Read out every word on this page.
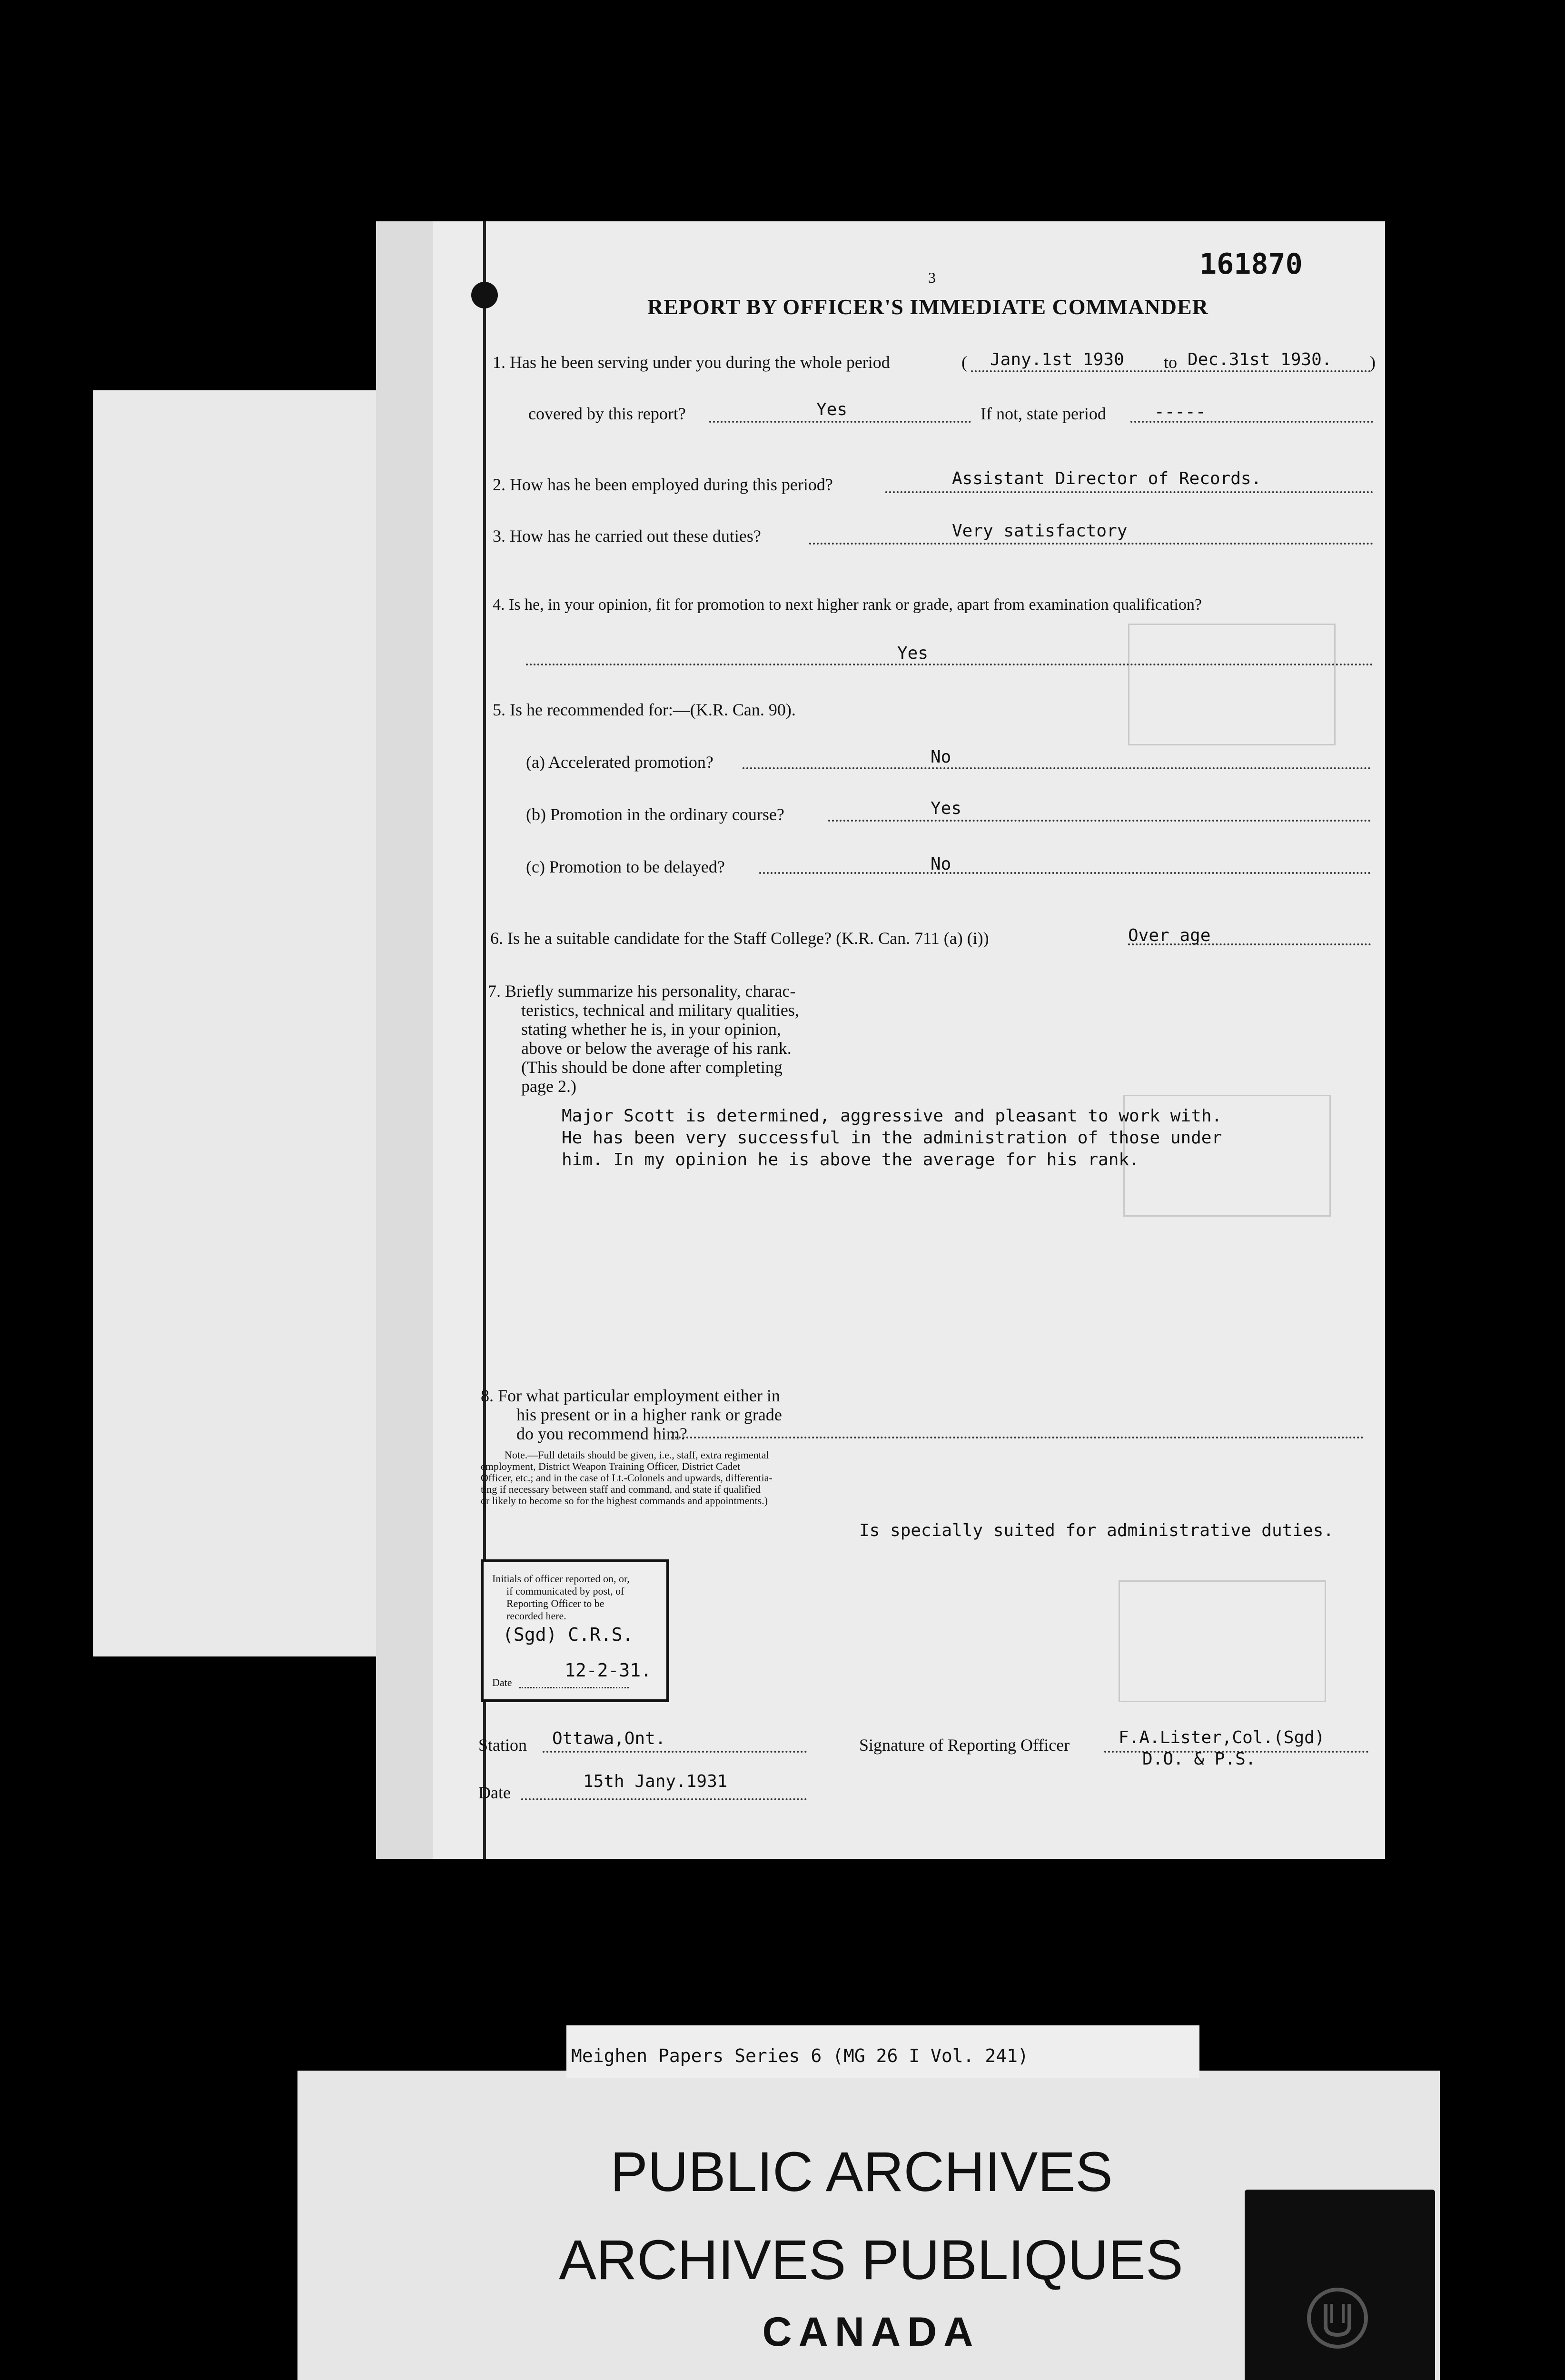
161870
3
REPORT BY OFFICER'S IMMEDIATE COMMANDER
1. Has he been serving under you during the whole period	( Jany.1st 1930 to Dec.31st 1930. )
covered by this report?	Yes	If not, state period	-----
2. How has he been employed during this period?	Assistant Director of Records.
3. How has he carried out these duties?	Very satisfactory
4. Is he, in your opinion, fit for promotion to next higher rank or grade, apart from examination qualification?
Yes
5. Is he recommended for:—(K.R. Can. 90).
(a) Accelerated promotion?	No
(b) Promotion in the ordinary course?	Yes
(c) Promotion to be delayed?	No
6. Is he a suitable candidate for the Staff College? (K.R. Can. 711 (a) (i))	Over age
7. Briefly summarize his personality, charac-
teristics, technical and military qualities,
stating whether he is, in your opinion,
above or below the average of his rank.
(This should be done after completing
page 2.)
Major Scott is determined, aggressive and pleasant to work with.
He has been very successful in the administration of those under
him. In my opinion he is above the average for his rank.
8. For what particular employment either in
his present or in a higher rank or grade
do you recommend him?
Note.—Full details should be given, i.e., staff, extra regimental
employment, District Weapon Training Officer, District Cadet
Officer, etc.; and in the case of Lt.-Colonels and upwards, differentia-
ting if necessary between staff and command, and state if qualified
or likely to become so for the highest commands and appointments.)
Is specially suited for administrative duties.
Initials of officer reported on, or,
if communicated by post, of
Reporting Officer to be
recorded here.
(Sgd) C.R.S.
Date
12-2-31.
Station Ottawa,Ont.
Date
15th Jany.1931
Signature of Reporting Officer	F.A.Lister,Col.(Sgd)
D.O. & P.S.
Meighen Papers Series 6 (MG 26 I Vol. 241)
PUBLIC ARCHIVES
ARCHIVES PUBLIQUES
CANADA
